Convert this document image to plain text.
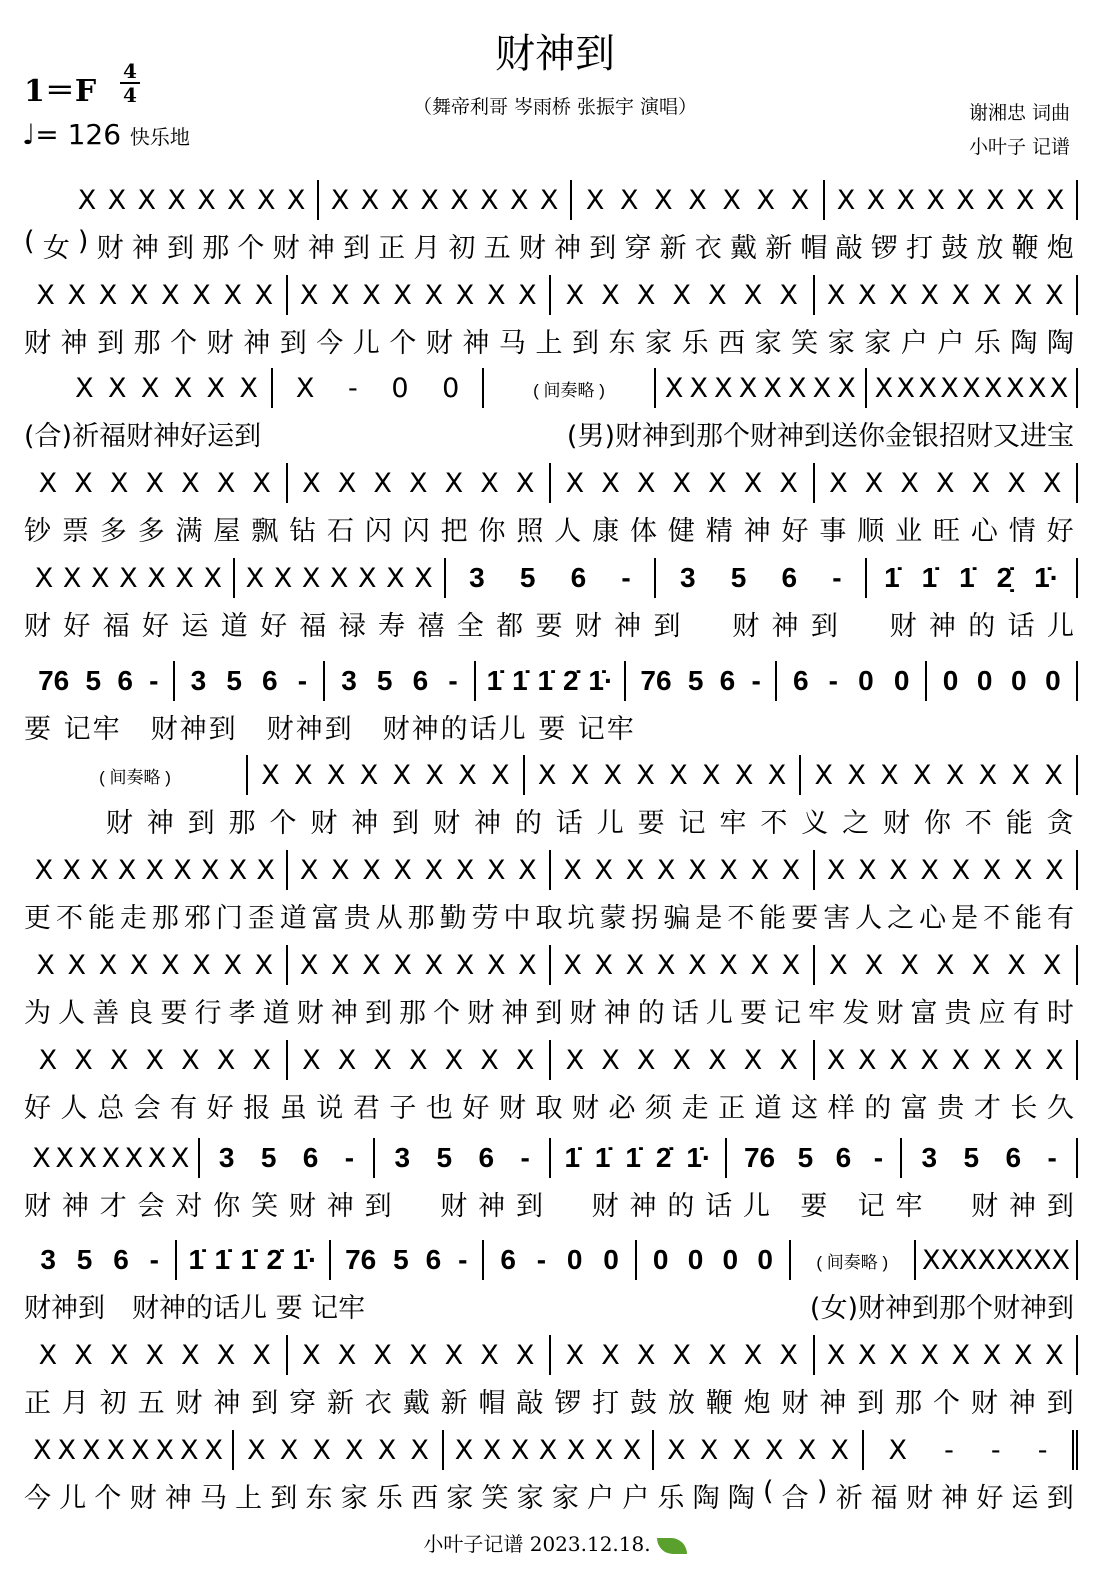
财神到
1＝F
4
4
♩= 126 快乐地
（舞帝利哥 岑雨桥 张振宇 演唱）	谢湘忠 词曲
小叶子 记谱
X X X X X X X X X X X X X X X X X X X X X X X X X X X X X X X
( 女 ) 财 神 到 那 个 财 神 到 正 月 初 五 财 神 到 穿 新 衣 戴 新 帽 敲 锣 打 鼓 放 鞭 炮
X X X X X X X X X X X X X X X X X X X X X X X X X X X X X X X
财 神 到 那 个 财 神 到 今 儿 个 财 神 马 上 到 东 家 乐 西 家 笑 家 家 户 户 乐 陶 陶
X X X X X X X - 0 0	( 间奏略 )	X X X X X X X X X X X X X X X X X
(合)祈福财神好运到	(男)财神到那个财神到送你金银招财又进宝
X X X X X X X X X X X X X X X X X X X X X X X X X X X X
钞 票 多 多 满 屋 飘 钻 石 闪 闪 把 你 照 人 康 体 健 精 神 好 事 顺 业 旺 心 情 好
X X X X X X X X X X X X X X 3 5 6 - 3 5 6 - 1̇ 1̇ 1̇ 2̣̇ 1̇·
财 好 福 好 运 道 好 福 禄 寿 禧 全 都 要 财 神 到
　 财 神 到
　 财 神 的 话 儿
76 5 6 - 3 5 6 - 3 5 6 - 1̇ 1̇ 1̇ 2̇ 1̇· 76 5 6 - 6 - 0 0 0 0 0 0
要
记 牢
　 财 神 到
　 财 神 到
　 财 神 的 话 儿
要
记 牢
( 间奏略 )	X X X X X X X X X X X X X X X X X X X X X X X X

财 神 到 那 个 财 神 到 财 神 的 话 儿 要 记 牢 不 义 之 财 你 不 能 贪
X X X X X X X X X X X X X X X X X X X X X X X X X X X X X X X X X
更 不 能 走 那 邪 门 歪 道 富 贵 从 那 勤 劳 中 取 坑 蒙 拐 骗 是 不 能 要 害 人 之 心 是 不 能 有
X X X X X X X X X X X X X X X X X X X X X X X X X X X X X X X
为 人 善 良 要 行 孝 道 财 神 到 那 个 财 神 到 财 神 的 话 儿 要 记 牢 发 财 富 贵 应 有 时
X X X X X X X X X X X X X X X X X X X X X X X X X X X X X
好 人 总 会 有 好 报 虽 说 君 子 也 好 财 取 财 必 须 走 正 道 这 样 的 富 贵 才 长 久
X X X X X X X 3 5 6 - 3 5 6 - 1̇ 1̇ 1̇ 2̇ 1̇· 76 5 6 - 3 5 6 -
财 神 才 会 对 你 笑 财 神 到
　 财 神 到
　 财 神 的 话 儿
要
记 牢
　 财 神 到
3 5 6 - 1̇ 1̇ 1̇ 2̇ 1̇· 76 5 6 - 6 - 0 0 0 0 0 0	( 间奏略 )	X X X X X X X X
财神到　财神的话儿 要 记牢	(女)财神到那个财神到
X X X X X X X X X X X X X X X X X X X X X X X X X X X X X
正 月 初 五 财 神 到 穿 新 衣 戴 新 帽 敲 锣 打 鼓 放 鞭 炮 财 神 到 那 个 财 神 到
X X X X X X X X X X X X X X X X X X X X X X X X X X X X - - -
今 儿 个 财 神 马 上 到 东 家 乐 西 家 笑 家 家 户 户 乐 陶 陶 ( 合 ) 祈 福 财 神 好 运 到
小叶子记谱 2023.12.18.
